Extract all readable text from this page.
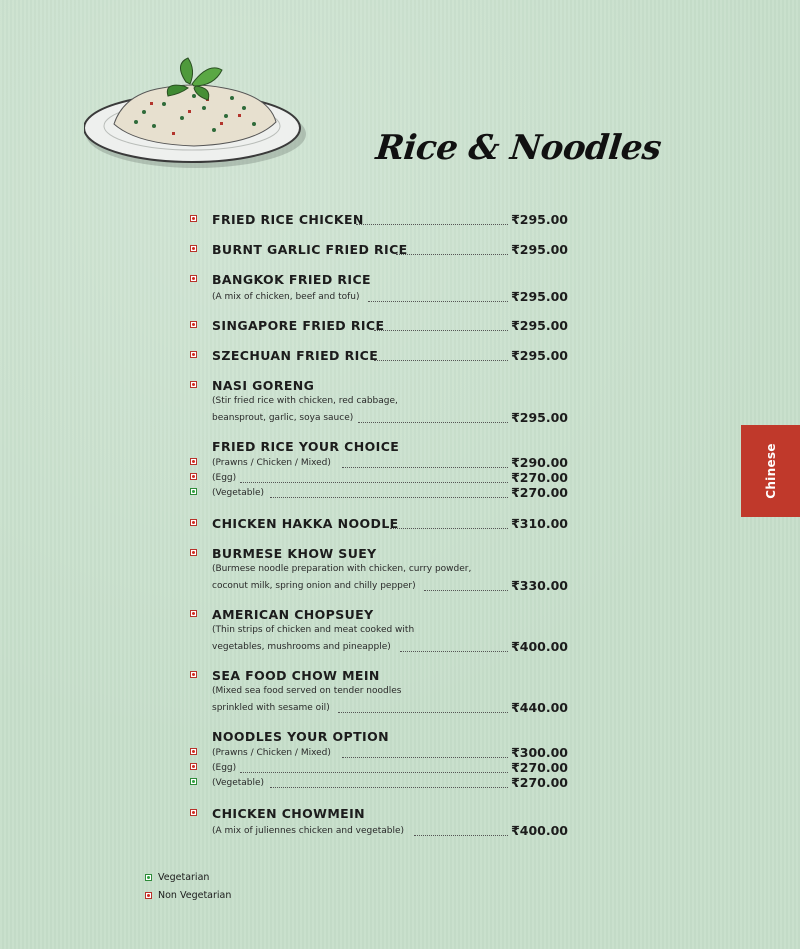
Rice & Noodles
FRIED RICE CHICKEN	₹295.00
BURNT GARLIC FRIED RICE	₹295.00
BANGKOK FRIED RICE
(A mix of chicken, beef and tofu)	₹295.00
SINGAPORE FRIED RICE	₹295.00
SZECHUAN FRIED RICE	₹295.00
NASI GORENG
(Stir fried rice with chicken, red cabbage,
beansprout, garlic, soya sauce)	₹295.00
FRIED RICE YOUR CHOICE
(Prawns / Chicken / Mixed)	₹290.00
(Egg)	₹270.00
(Vegetable)	₹270.00
CHICKEN HAKKA NOODLE	₹310.00
BURMESE KHOW SUEY
(Burmese noodle preparation with chicken, curry powder,
coconut milk, spring onion and chilly pepper)	₹330.00
AMERICAN CHOPSUEY
(Thin strips of chicken and meat cooked with
vegetables, mushrooms and pineapple)	₹400.00
SEA FOOD CHOW MEIN
(Mixed sea food served on tender noodles
sprinkled with sesame oil)	₹440.00
NOODLES YOUR OPTION
(Prawns / Chicken / Mixed)	₹300.00
(Egg)	₹270.00
(Vegetable)	₹270.00
CHICKEN CHOWMEIN
(A mix of juliennes chicken and vegetable)	₹400.00
Chinese
Vegetarian
Non Vegetarian
